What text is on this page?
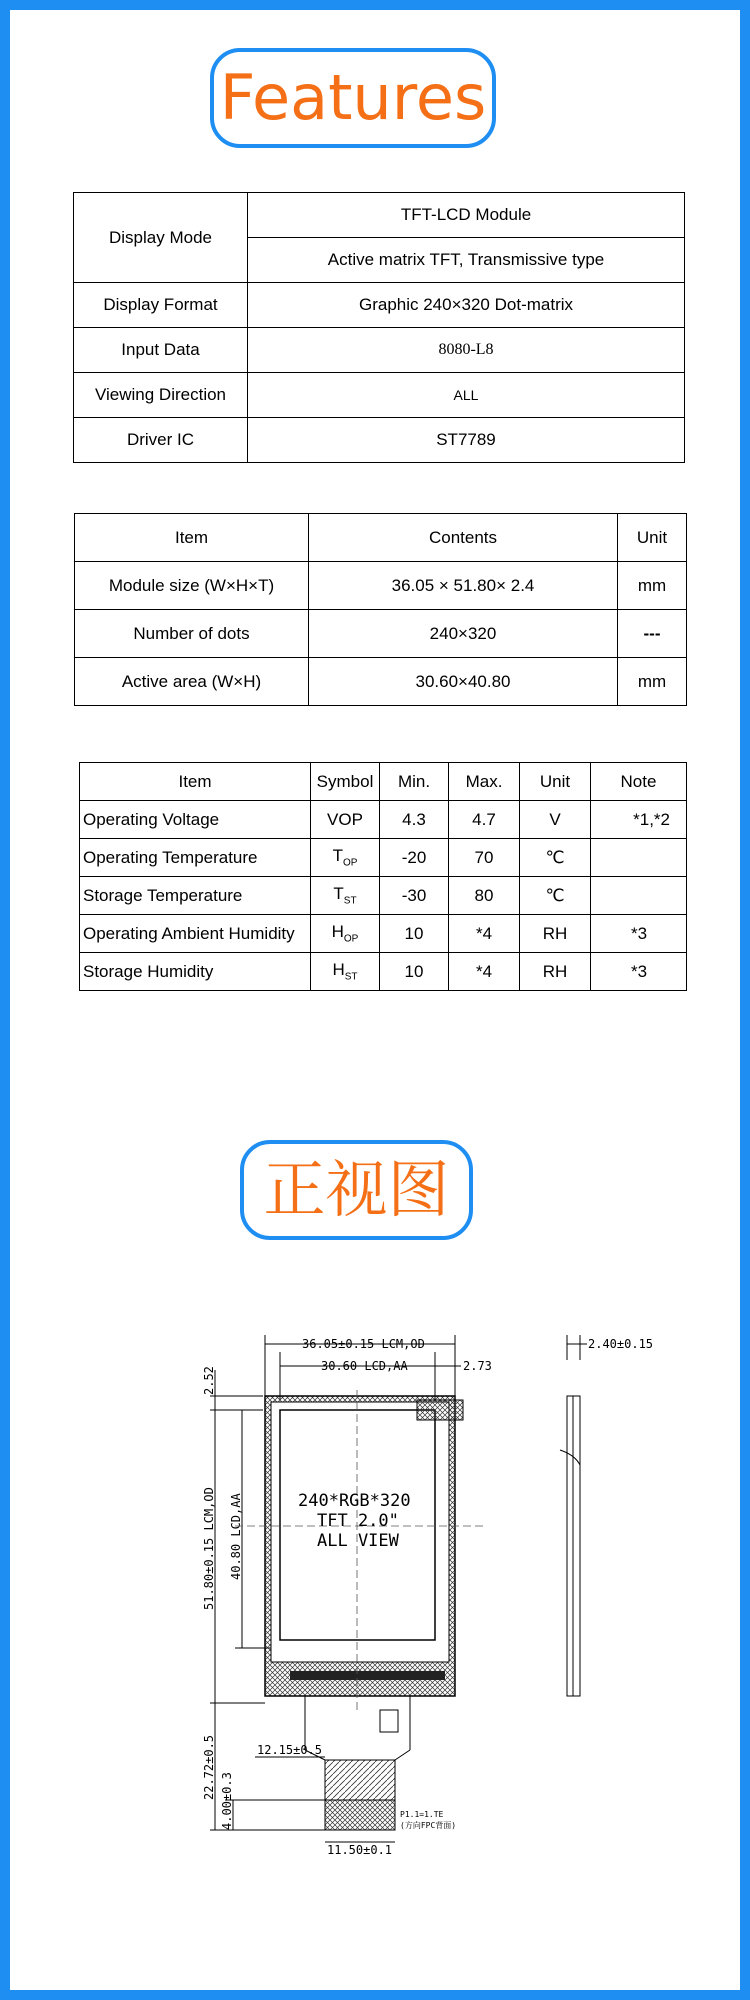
Features
Display Mode	TFT-LCD Module
	Active matrix TFT, Transmissive type
Display Format	Graphic 240×320 Dot-matrix
Input Data	8080-L8
Viewing Direction	ALL
Driver IC	ST7789
Item	Contents	Unit
Module size (W×H×T)	36.05 × 51.80× 2.4	mm
Number of dots	240×320	---
Active area (W×H)	30.60×40.80	mm
Item	Symbol	Min.	Max.	Unit	Note
Operating Voltage	VOP	4.3	4.7	V	*1,*2
Operating Temperature	$T_{OP}$	-20	70	℃	
Storage Temperature	$T_{ST}$	-30	80	℃	
Operating Ambient Humidity	$H_{OP}$	10	*4	RH	*3
Storage Humidity	$H_{ST}$	10	*4	RH	*3
正视图
36.05±0.15 LCM,OD
30.60 LCD,AA	2.73
2.52
51.80±0.15 LCM,OD 40.80 LCD,AA
22.72±0.5
4.00±0.3
240*RGB*320
TFT 2.0"
ALL VIEW
12.15±0.5
11.50±0.1
P1.1=1.TE
(方向FPC背面)
2.40±0.15
